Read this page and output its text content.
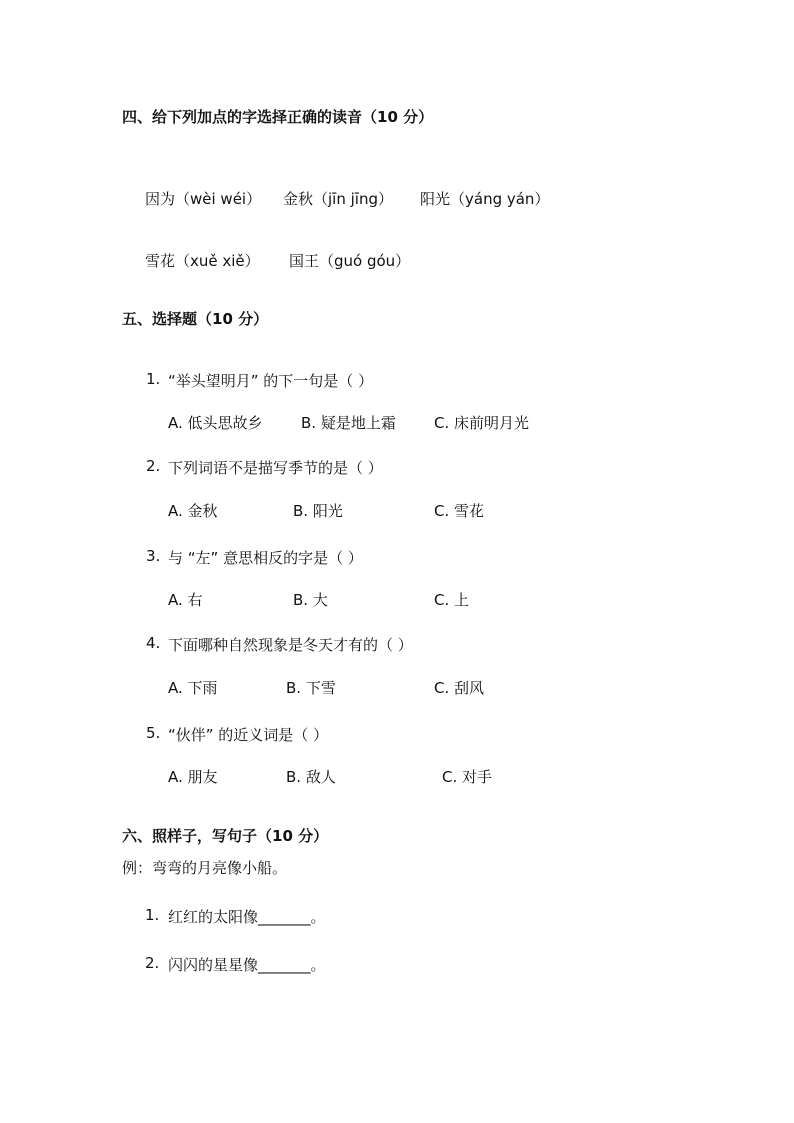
四、给下列加点的字选择正确的读音（10 分）
因为（wèi wéi） 金秋（jīn jīng） 阳光（yáng yán）
雪花（xuě xiě） 国王（guó góu）
五、选择题（10 分）
1. “举头望明月” 的下一句是（ ）
A. 低头思故乡	B. 疑是地上霜	C. 床前明月光
2. 下列词语不是描写季节的是（ ）
A. 金秋	B. 阳光	C. 雪花
3. 与 “左” 意思相反的字是（ ）
A. 右	B. 大	C. 上
4. 下面哪种自然现象是冬天才有的（ ）
A. 下雨	B. 下雪	C. 刮风
5. “伙伴” 的近义词是（ ）
A. 朋友	B. 敌人	C. 对手
六、照样子，写句子（10 分）
例：弯弯的月亮像小船。
1. 红红的太阳像_______。
2. 闪闪的星星像_______。
